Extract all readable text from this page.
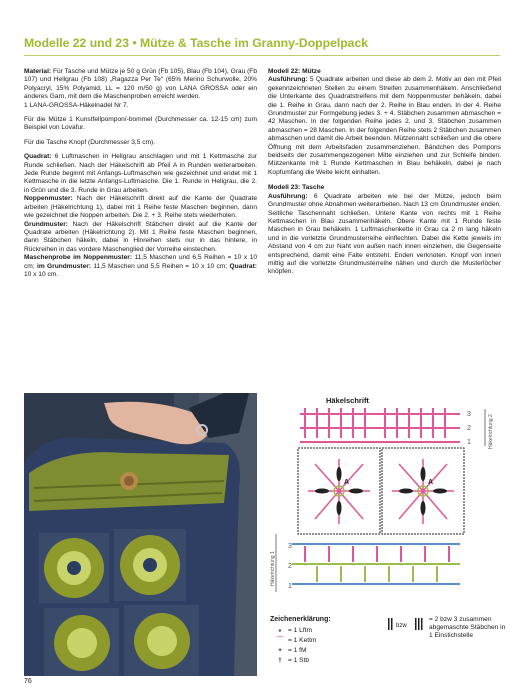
Modelle 22 und 23 • Mütze & Tasche im Granny-Doppelpack

Material: Für Tasche und Mütze je 50 g Grün (Fb 105), Blau (Fb 104), Grau (Fb 107) und Hellgrau (Fb 108) „Ragazza Per Te“ (65% Merino Schurwolle, 20% Polyacryl, 15% Polyamid, LL = 120 m/50 g) von LANA GROSSA oder ein anderes Garn, mit dem die Maschenproben erreicht werden.
1 LANA-GROSSA-Häkelnadel Nr 7.

Für die Mütze 1 Kunstfellpompon/-bommel (Durchmesser ca. 12-15 cm) zum Beispiel von Lovafur.

Für die Tasche Knopf (Durchmesser 3,5 cm).

Quadrat: 6 Luftmaschen in Hellgrau anschlagen und mit 1 Kettmasche zur Runde schließen. Nach der Häkelschrift ab Pfeil A in Runden weiterarbeiten. Jede Runde beginnt mit Anfangs-Luftmaschen wie gezeichnet und endet mit 1 Kettmasche in die letzte Anfangs-Luftmasche. Die 1. Runde in Hellgrau, die 2. in Grün und die 3. Runde in Grau arbeiten.

Noppenmuster: Nach der Häkelschrift direkt auf die Kante der Quadrate arbeiten (Häkelrichtung 1), dabei mit 1 Reihe feste Maschen beginnen, dann wie gezeichnet die Noppen arbeiten. Die 2. + 3. Reihe stets wiederholen.

Grundmuster: Nach der Häkelschrift Stäbchen direkt auf die Kante der Quadrate arbeiten (Häkelrichtung 2). Mit 1 Reihe feste Maschen beginnen, dann Stäbchen häkeln, dabei in Hinreihen stets nur in das hintere, in Rückreihen in das vordere Maschenglied der Vorreihe einstechen.

Maschenprobe im Noppenmuster: 11,5 Maschen und 6,5 Reihen = 10 x 10 cm; im Grundmuster: 11,5 Maschen und 5,5 Reihen = 10 x 10 cm; Quadrat: 10 x 10 cm.

Modell 22: Mütze

Ausführung: 5 Quadrate arbeiten und diese ab dem 2. Motiv an den mit Pfeil gekennzeichneten Stellen zu einem Streifen zusammenhäkeln. Anschließend die Unterkante des Quadratstreifens mit dem Noppenmuster behäkeln, dabei die 1. Reihe in Grau, dann nach der 2. Reihe in Blau enden. In der 4. Reihe Grundmuster zur Formgebung jedes 3. + 4. Stäbchen zusammen abmaschen = 42 Maschen. In der folgenden Reihe jedes 2. und 3. Stäbchen zusammen abmaschen = 28 Maschen. In der folgenden Reihe stets 2 Stäbchen zusammen abmaschen und damit die Arbeit beenden. Mützennaht schließen und die obere Öffnung mit dem Arbeitsfaden zusammenziehen. Bändchen des Pompons beidseits der zusammengezogenen Mitte einziehen und zur Schleife binden. Mützenkante mit 1 Runde Kettmaschen in Blau behäkeln, dabei je nach Kopfumfang die Weite leicht einhalten.

Modell 23: Tasche

Ausführung: 6 Quadrate arbeiten wie bei der Mütze, jedoch beim Grundmuster ohne Abnahmen weiterarbeiten. Nach 13 cm Grundmuster enden. Seitliche Taschennaht schließen. Untere Kante von rechts mit 1 Reihe Kettmaschen in Blau zusammenhäkeln. Obere Kante mit 1 Runde feste Maschen in Grau behäkeln. 1 Luftmaschenkette in Grau ca 2 m lang häkeln und in die vorletzte Grundmusterreihe einflechten. Dabei die Kette jeweils im Abstand von 4 cm zur Naht von außen nach innen einziehen, die Gegenseite entsprechend, damit eine Falte entsteht. Enden verknoten. Knopf von innen mittig auf die vorletzte Grundmusterreihe nähen und durch die Musterlöcher knöpfen.

Häkelschrift
3
2
1	Häkelrichtung 2
A	A
3
2
1
Häkelrichtung 1
Zeichenerklärung:
∘ = 1 Lftm
⌒ = 1 Kettm
+ = 1 fM
† = 1 Stb
bzw
= 2 bzw 3 zusammen abgemaschte Stäbchen in 1 Einstichstelle
76
